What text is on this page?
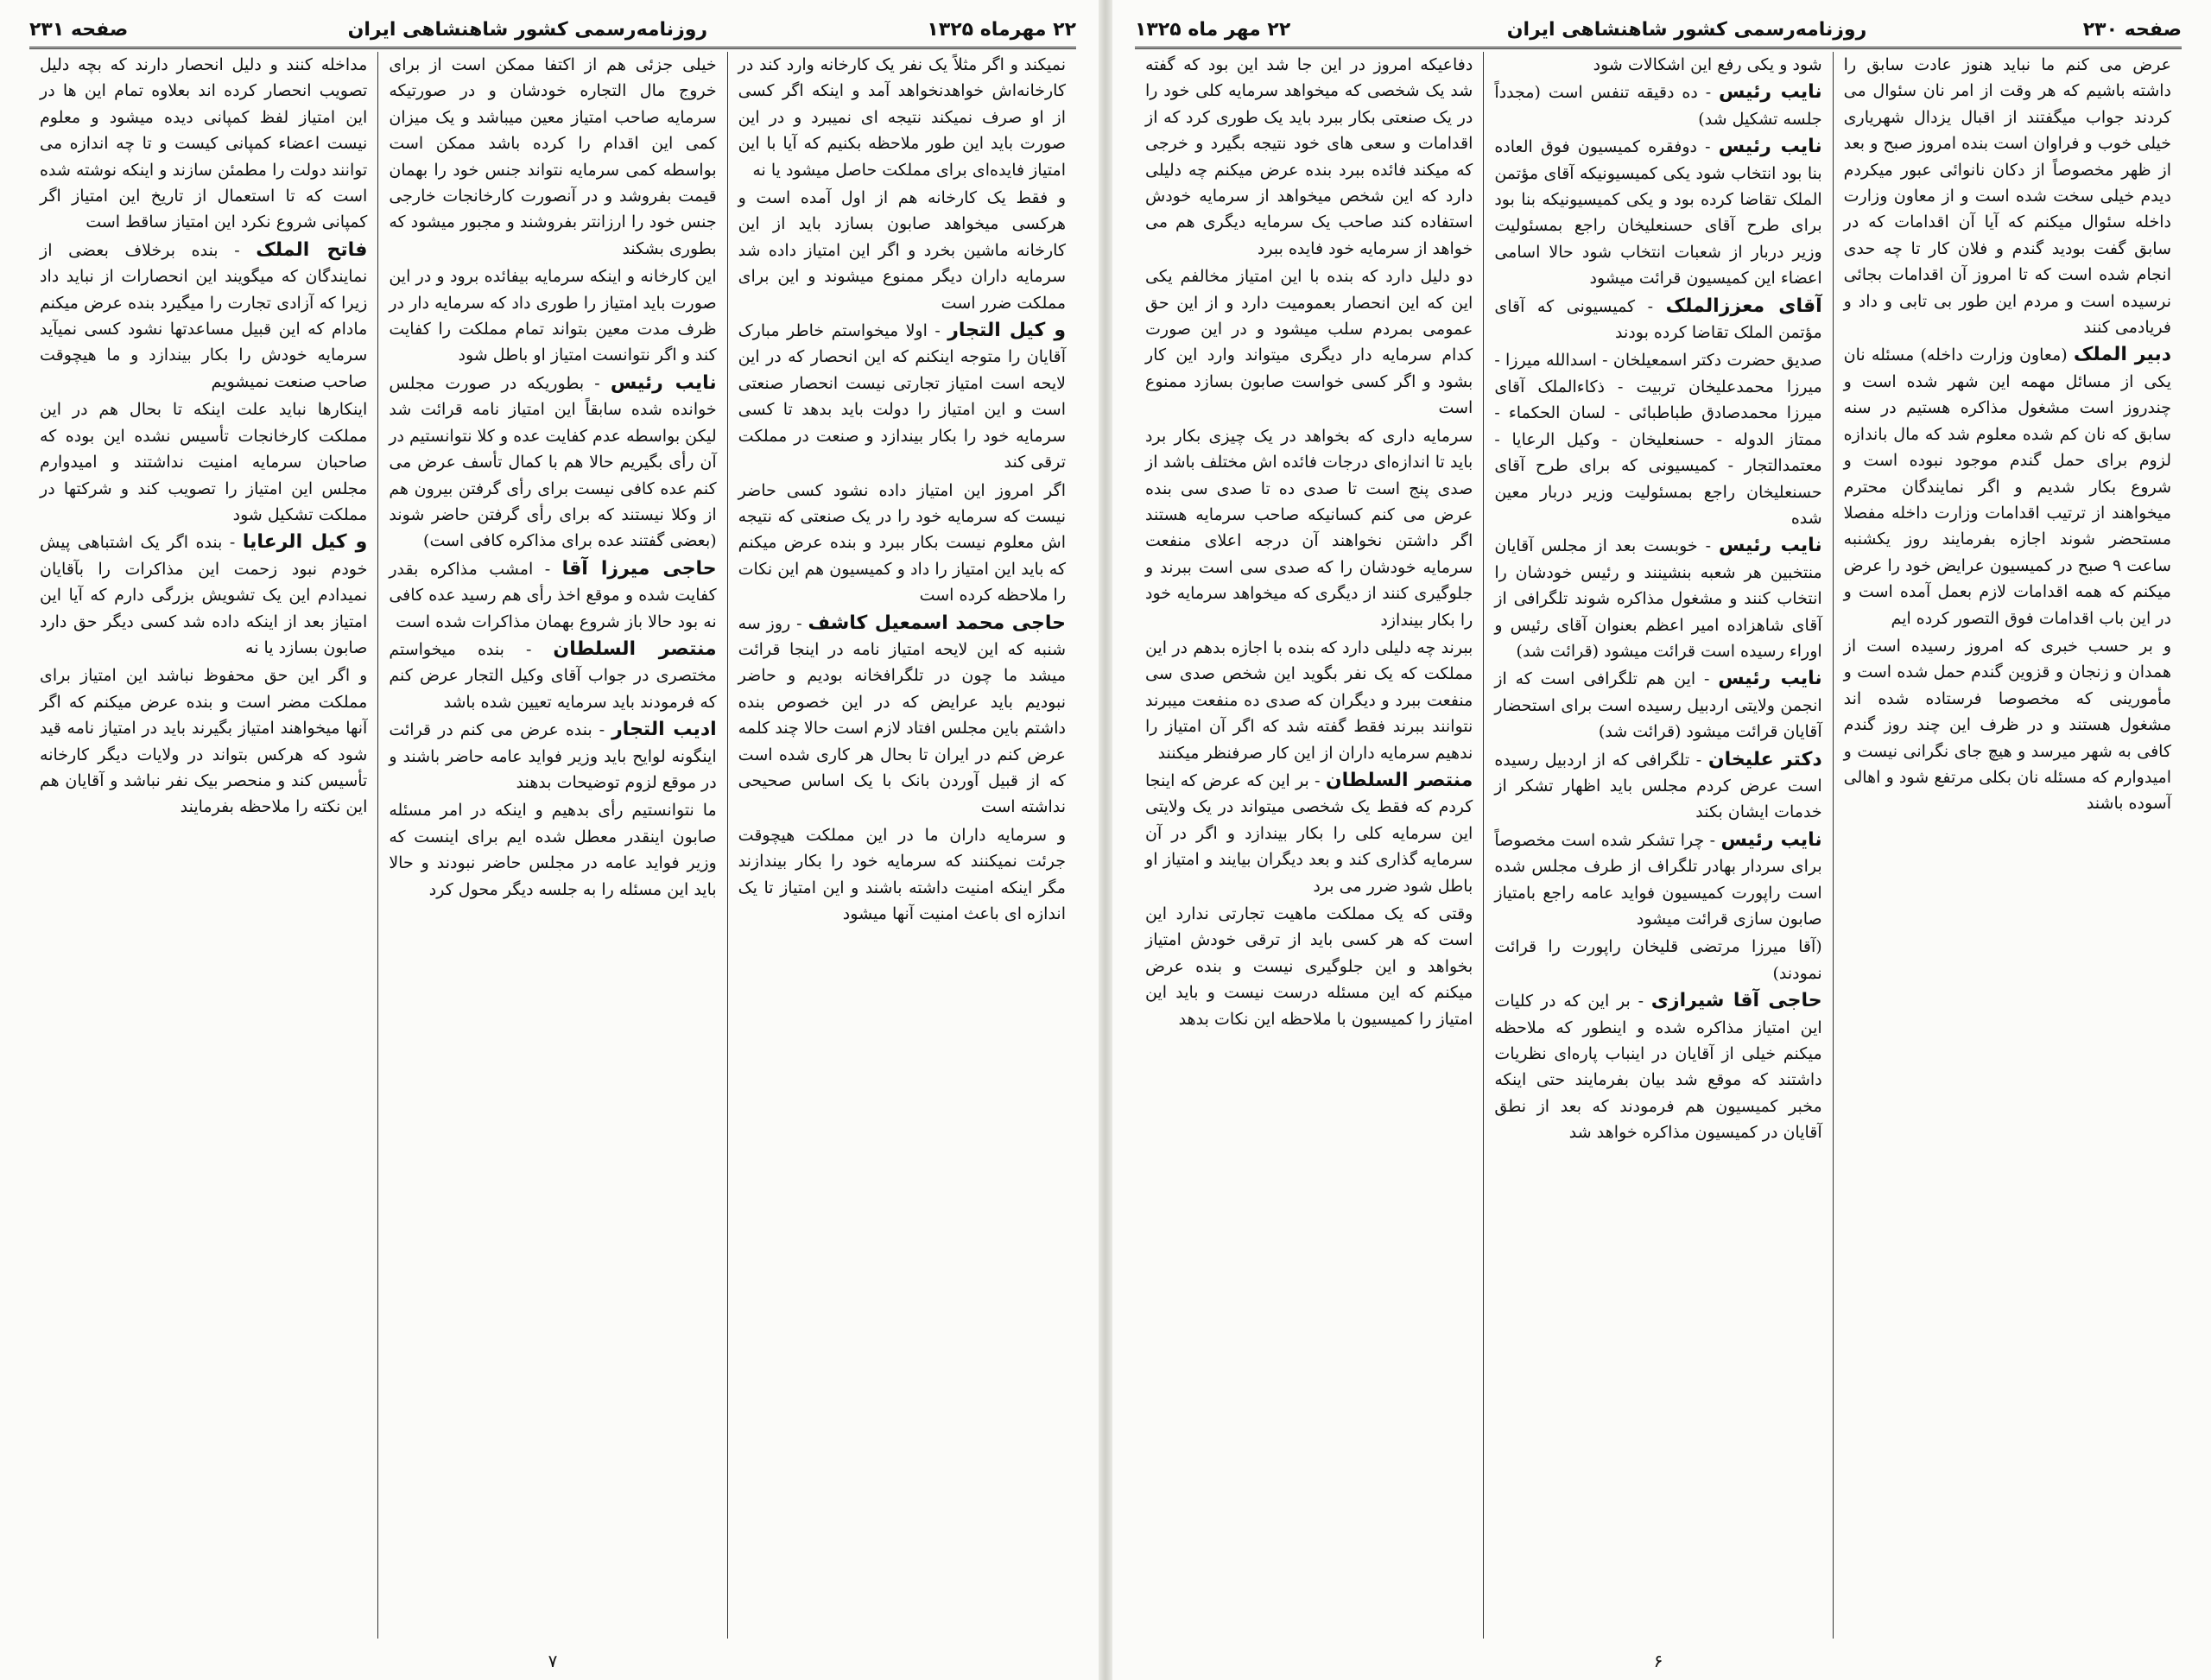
۲۲ مهرماه ۱۳۲۵
روزنامه‌رسمی کشور شاهنشاهی ایران
صفحه ۲۳۱

نمیکند و اگر مثلاً یک نفر یک کارخانه وارد کند در کارخانه‌اش خواهدنخواهد آمد و اینکه اگر کسی از او صرف نمیکند نتیجه ای نمیبرد و در این صورت باید این طور ملاحظه بکنیم که آیا با این امتیاز فایده‌ای برای مملکت حاصل میشود یا نه

و فقط یک کارخانه هم از اول آمده است و هرکسی میخواهد صابون بسازد باید از این کارخانه ماشین بخرد و اگر این امتیاز داده شد سرمایه داران دیگر ممنوع میشوند و این برای مملکت ضرر است

و کیل التجار - اولا میخواستم خاطر مبارک آقایان را متوجه اینکنم که این انحصار که در این لایحه است امتیاز تجارتی نیست انحصار صنعتی است و این امتیاز را دولت باید بدهد تا کسی سرمایه خود را بکار بیندازد و صنعت در مملکت ترقی کند

اگر امروز این امتیاز داده نشود کسی حاضر نیست که سرمایه خود را در یک صنعتی که نتیجه اش معلوم نیست بکار ببرد و بنده عرض میکنم که باید این امتیاز را داد و کمیسیون هم این نکات را ملاحظه کرده است

حاجی محمد اسمعیل کاشف - روز سه شنبه که این لایحه امتیاز نامه در اینجا قرائت میشد ما چون در تلگرافخانه بودیم و حاضر نبودیم باید عرایض که در این خصوص بنده داشتم باین مجلس افتاد لازم است حالا چند کلمه عرض کنم در ایران تا بحال هر کاری شده است که از قبیل آوردن بانک با یک اساس صحیحی نداشته است

و سرمایه داران ما در این مملکت هیچوقت جرئت نمیکنند که سرمایه خود را بکار بیندازند مگر اینکه امنیت داشته باشند و این امتیاز تا یک اندازه ای باعث امنیت آنها میشود

خیلی جزئی هم از اکتفا ممکن است از برای خروج مال التجاره خودشان و در صورتیکه سرمایه صاحب امتیاز معین میباشد و یک میزان کمی این اقدام را کرده باشد ممکن است بواسطه کمی سرمایه نتواند جنس خود را بهمان قیمت بفروشد و در آنصورت کارخانجات خارجی جنس خود را ارزانتر بفروشند و مجبور میشود که بطوری بشکند

این کارخانه و اینکه سرمایه بیفائده برود و در این صورت باید امتیاز را طوری داد که سرمایه دار در ظرف مدت معین بتواند تمام مملکت را کفایت کند و اگر نتوانست امتیاز او باطل شود

نایب رئیس - بطوریکه در صورت مجلس خوانده شده سابقاً این امتیاز نامه قرائت شد لیکن بواسطه عدم کفایت عده و کلا نتوانستیم در آن رأی بگیریم حالا هم با کمال تأسف عرض می کنم عده کافی نیست برای رأی گرفتن بیرون هم از وکلا نیستند که برای رأی گرفتن حاضر شوند (بعضی گفتند عده برای مذاکره کافی است)

حاجی میرزا آقا - امشب مذاکره بقدر کفایت شده و موقع اخذ رأی هم رسید عده کافی نه بود حالا باز شروع بهمان مذاکرات شده است

منتصر السلطان - بنده میخواستم مختصری در جواب آقای وکیل التجار عرض کنم که فرمودند باید سرمایه تعیین شده باشد

ادیب التجار - بنده عرض می کنم در قرائت اینگونه لوایح باید وزیر فواید عامه حاضر باشند و در موقع لزوم توضیحات بدهند

ما نتوانستیم رأی بدهیم و اینکه در امر مسئله صابون اینقدر معطل شده ایم برای اینست که وزیر فواید عامه در مجلس حاضر نبودند و حالا باید این مسئله را به جلسه دیگر محول کرد

مداخله کنند و دلیل انحصار دارند که بچه دلیل تصویب انحصار کرده اند بعلاوه تمام این ها در این امتیاز لفظ کمپانی دیده میشود و معلوم نیست اعضاء کمپانی کیست و تا چه اندازه می توانند دولت را مطمئن سازند و اینکه نوشته شده است که تا استعمال از تاریخ این امتیاز اگر کمپانی شروع نکرد این امتیاز ساقط است

فاتح الملک - بنده برخلاف بعضی از نمایندگان که میگویند این انحصارات از نباید داد زیرا که آزادی تجارت را میگیرد بنده عرض میکنم مادام که این قبیل مساعدتها نشود کسی نمیآید سرمایه خودش را بکار بیندازد و ما هیچوقت صاحب صنعت نمیشویم

اینکارها نباید علت اینکه تا بحال هم در این مملکت کارخانجات تأسیس نشده این بوده که صاحبان سرمایه امنیت نداشتند و امیدوارم مجلس این امتیاز را تصویب کند و شرکتها در مملکت تشکیل شود

و کیل الرعایا - بنده اگر یک اشتباهی پیش خودم نبود زحمت این مذاکرات را بآقایان نمیدادم این یک تشویش بزرگی دارم که آیا این امتیاز بعد از اینکه داده شد کسی دیگر حق دارد صابون بسازد یا نه

و اگر این حق محفوظ نباشد این امتیاز برای مملکت مضر است و بنده عرض میکنم که اگر آنها میخواهند امتیاز بگیرند باید در امتیاز نامه قید شود که هرکس بتواند در ولایات دیگر کارخانه تأسیس کند و منحصر بیک نفر نباشد و آقایان هم این نکته را ملاحظه بفرمایند

۷
صفحه ۲۳۰
روزنامه‌رسمی کشور شاهنشاهی ایران
۲۲ مهر ماه ۱۳۲۵

عرض می کنم ما نباید هنوز عادت سابق را داشته باشیم که هر وقت از امر نان سئوال می کردند جواب میگفتند از اقبال‌ یزدال شهریاری خیلی خوب و فراوان است بنده امروز صبح و بعد از ظهر مخصوصاً از دکان نانوائی عبور میکردم دیدم خیلی سخت شده است و از معاون وزارت داخله سئوال میکنم که آیا آن اقدامات که در سابق گفت بودید گندم و فلان کار تا چه حدی انجام شده است که تا امروز آن اقدامات بجائی نرسیده است و مردم این طور بی تابی و داد و فریادمی کنند

دبیر الملک (معاون وزارت داخله) مسئله نان یکی از مسائل مهمه این شهر شده است و چندروز است مشغول مذاکره هستیم در سنه سابق که نان کم شده معلوم شد که مال باندازه لزوم برای حمل گندم موجود نبوده است و شروع بکار شدیم و اگر نمایندگان محترم میخواهند از ترتیب اقدامات وزارت داخله مفصلا مستحضر شوند اجازه بفرمایند روز یکشنبه ساعت ۹ صبح در کمیسیون عرایض خود را عرض میکنم که همه اقدامات لازم بعمل آمده است و در این باب اقدامات فوق التصور کرده ایم

و بر حسب خبری که امروز رسیده است از همدان و زنجان و قزوین گندم حمل شده است و مأمورینی که مخصوصا فرستاده شده اند مشغول هستند و در ظرف این چند روز گندم کافی به شهر میرسد و هیچ جای نگرانی نیست و امیدوارم که مسئله نان بکلی مرتفع شود و اهالی آسوده باشند

شود و یکی رفع این اشکالات شود

نایب رئیس - ده دقیقه تنفس است (مجدداً جلسه تشکیل شد)

نایب رئیس - دوفقره کمیسیون فوق العاده بنا بود انتخاب شود یکی کمیسیونیکه آقای مؤتمن الملک تقاضا کرده بود و یکی کمیسیونیکه بنا بود برای طرح آقای حسنعلیخان راجع بمسئولیت وزیر دربار از شعبات انتخاب شود حالا اسامی اعضاء این کمیسیون قرائت میشود

آقای معززالملک - کمیسیونی که آقای مؤتمن الملک تقاضا کرده بودند

صدیق حضرت دکتر اسمعیلخان - اسدالله میرزا - میرزا محمدعلیخان تربیت - ذکاءالملک آقای میرزا محمدصادق طباطبائی - لسان الحکماء - ممتاز الدوله - حسنعلیخان - وکیل الرعایا - معتمدالتجار - کمیسیونی که برای طرح آقای حسنعلیخان راجع بمسئولیت وزیر دربار معین شده

نایب رئیس - خوبست بعد از مجلس آقایان منتخبین هر شعبه بنشینند و رئیس خودشان را انتخاب کنند و مشغول مذاکره شوند تلگرافی از آقای شاهزاده امیر اعظم بعنوان آقای رئیس و اوراء رسیده است قرائت میشود (قرائت شد)

نایب رئیس - این هم تلگرافی است که از انجمن ولایتی اردبیل رسیده است برای استحضار آقایان قرائت میشود (قرائت شد)

دکتر علیخان - تلگرافی که از اردبیل رسیده است عرض کردم مجلس باید اظهار تشکر از خدمات ایشان بکند

نایب رئیس - چرا تشکر شده است مخصوصاً برای سردار بهادر تلگراف از طرف مجلس شده است راپورت کمیسیون فواید عامه راجع بامتیاز صابون سازی قرائت میشود

(آقا میرزا مرتضی قلیخان راپورت را قرائت نمودند)

حاجی آقا شیرازی - بر این که در کلیات این امتیاز مذاکره شده و اینطور که ملاحظه میکنم خیلی از آقایان در اینباب پاره‌ای نظریات داشتند که موقع شد بیان بفرمایند حتی اینکه مخبر کمیسیون هم فرمودند که بعد از نطق آقایان در کمیسیون مذاکره خواهد شد

دفاعیکه امروز در این جا شد این بود که گفته شد یک شخصی که میخواهد سرمایه کلی خود را در یک صنعتی بکار ببرد باید یک طوری کرد که از اقدامات و سعی های خود نتیجه بگیرد و خرجی که میکند فائده ببرد بنده عرض میکنم چه دلیلی دارد که این شخص میخواهد از سرمایه خودش استفاده کند صاحب یک سرمایه دیگری هم می خواهد از سرمایه خود فایده ببرد

دو دلیل دارد که بنده با این امتیاز مخالفم یکی این که این انحصار بعمومیت دارد و از این حق عمومی بمردم سلب میشود و در این صورت کدام سرمایه دار دیگری میتواند وارد این کار بشود و اگر کسی خواست صابون بسازد ممنوع است

سرمایه داری که بخواهد در یک چیزی بکار برد باید تا اندازه‌ای درجات فائده اش مختلف باشد از صدی پنج است تا صدی ده تا صدی سی بنده عرض می کنم کسانیکه صاحب سرمایه هستند اگر داشتن نخواهند آن درجه اعلای منفعت سرمایه خودشان را که صدی سی است ببرند و جلوگیری کنند از دیگری که میخواهد سرمایه خود را بکار بیندازد

ببرند چه دلیلی دارد که بنده با اجازه بدهم در این مملکت که یک نفر بگوید این شخص صدی سی منفعت ببرد و دیگران که صدی ده منفعت میبرند نتوانند ببرند فقط گفته شد که اگر آن امتیاز را ندهیم سرمایه داران از این کار صرفنظر میکنند

منتصر السلطان - بر این که عرض که اینجا کردم که فقط یک شخصی میتواند در یک ولایتی این سرمایه کلی را بکار بیندازد و اگر در آن سرمایه گذاری کند و بعد دیگران بیایند و امتیاز او باطل شود ضرر می برد

وقتی که یک مملکت ماهیت تجارتی ندارد این است که هر کسی باید از ترقی خودش امتیاز بخواهد و این جلوگیری نیست و بنده عرض میکنم که این مسئله درست نیست و باید این امتیاز را کمیسیون با ملاحظه این نکات بدهد

۶
